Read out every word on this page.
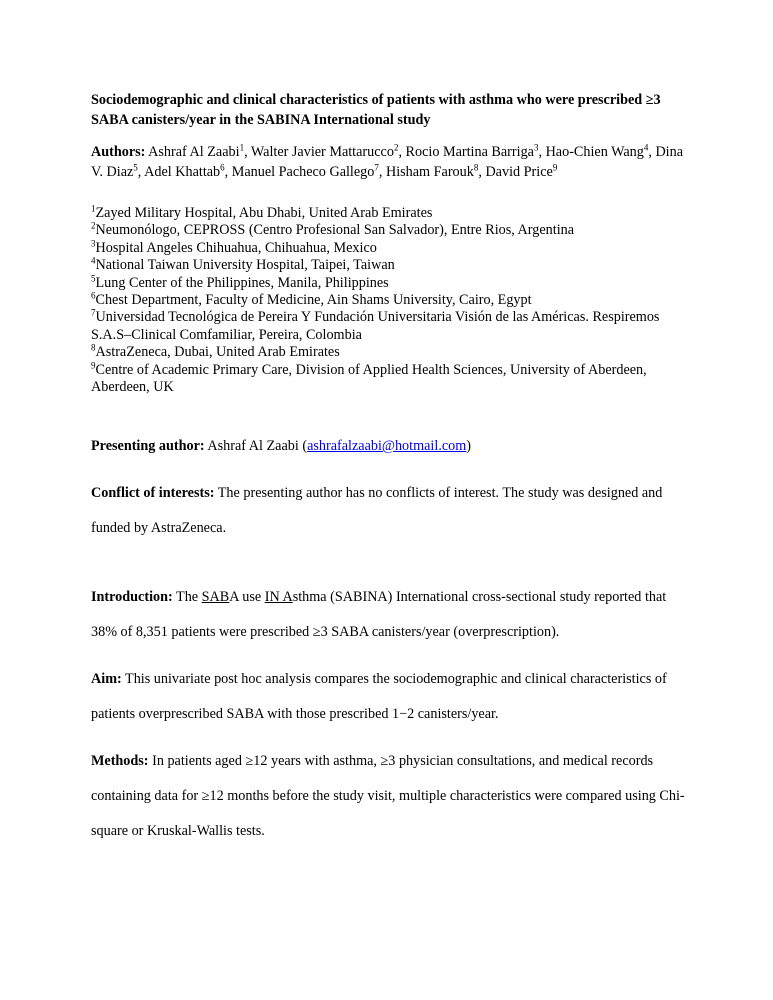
Sociodemographic and clinical characteristics of patients with asthma who were prescribed ≥3 SABA canisters/year in the SABINA International study

Authors: Ashraf Al Zaabi$^1$, Walter Javier Mattarucco$^2$, Rocio Martina Barriga$^3$, Hao-Chien Wang$^4$, Dina V. Diaz$^5$, Adel Khattab$^6$, Manuel Pacheco Gallego$^7$, Hisham Farouk$^8$, David Price$^9$

$^1$Zayed Military Hospital, Abu Dhabi, United Arab Emirates
$^2$Neumonólogo, CEPROSS (Centro Profesional San Salvador), Entre Rios, Argentina
$^3$Hospital Angeles Chihuahua, Chihuahua, Mexico
$^4$National Taiwan University Hospital, Taipei, Taiwan
$^5$Lung Center of the Philippines, Manila, Philippines
$^6$Chest Department, Faculty of Medicine, Ain Shams University, Cairo, Egypt
$^7$Universidad Tecnológica de Pereira Y Fundación Universitaria Visión de las Américas. Respiremos S.A.S–Clinical Comfamiliar, Pereira, Colombia
$^8$AstraZeneca, Dubai, United Arab Emirates
$^9$Centre of Academic Primary Care, Division of Applied Health Sciences, University of Aberdeen, Aberdeen, UK

Presenting author: Ashraf Al Zaabi (ashrafalzaabi@hotmail.com)

Conflict of interests: The presenting author has no conflicts of interest. The study was designed and funded by AstraZeneca.

Introduction: The SABA use IN Asthma (SABINA) International cross-sectional study reported that 38% of 8,351 patients were prescribed ≥3 SABA canisters/year (overprescription).

Aim: This univariate post hoc analysis compares the sociodemographic and clinical characteristics of patients overprescribed SABA with those prescribed 1−2 canisters/year.

Methods: In patients aged ≥12 years with asthma, ≥3 physician consultations, and medical records containing data for ≥12 months before the study visit, multiple characteristics were compared using Chi-square or Kruskal-Wallis tests.
